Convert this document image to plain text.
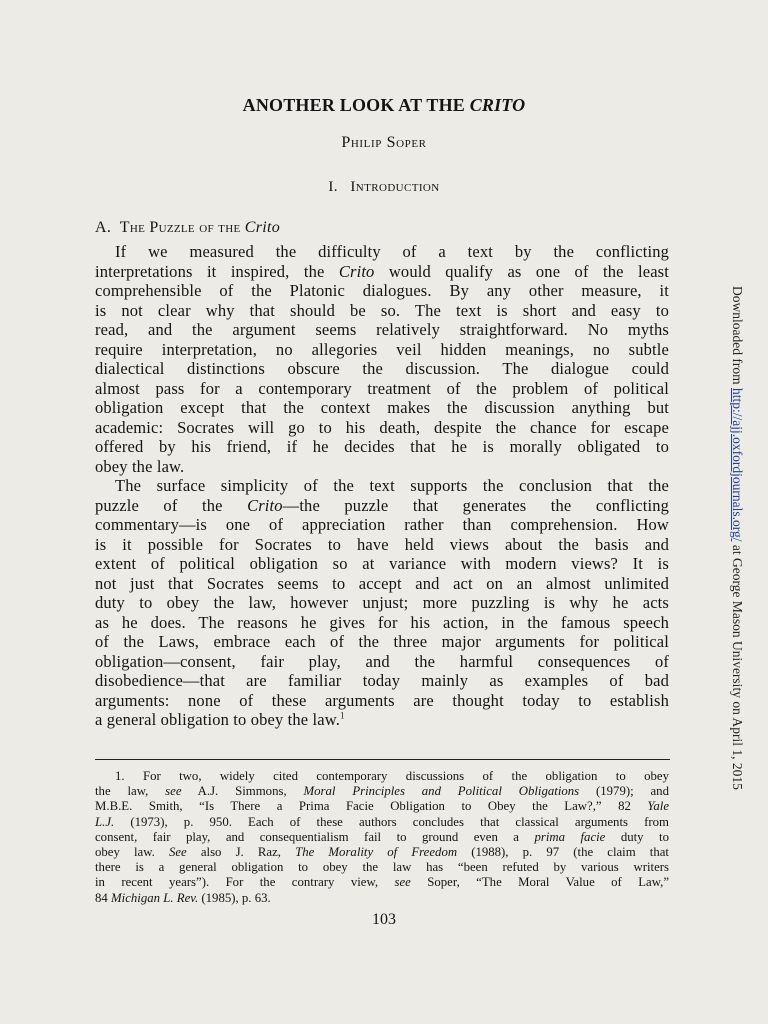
ANOTHER LOOK AT THE CRITO
Philip Soper
I. Introduction
A. The Puzzle of the Crito
If we measured the difficulty of a text by the conflicting
interpretations it inspired, the Crito would qualify as one of the least
comprehensible of the Platonic dialogues. By any other measure, it
is not clear why that should be so. The text is short and easy to
read, and the argument seems relatively straightforward. No myths
require interpretation, no allegories veil hidden meanings, no subtle
dialectical distinctions obscure the discussion. The dialogue could
almost pass for a contemporary treatment of the problem of political
obligation except that the context makes the discussion anything but
academic: Socrates will go to his death, despite the chance for escape
offered by his friend, if he decides that he is morally obligated to
obey the law.
The surface simplicity of the text supports the conclusion that the
puzzle of the Crito—the puzzle that generates the conflicting
commentary—is one of appreciation rather than comprehension. How
is it possible for Socrates to have held views about the basis and
extent of political obligation so at variance with modern views? It is
not just that Socrates seems to accept and act on an almost unlimited
duty to obey the law, however unjust; more puzzling is why he acts
as he does. The reasons he gives for his action, in the famous speech
of the Laws, embrace each of the three major arguments for political
obligation—consent, fair play, and the harmful consequences of
disobedience—that are familiar today mainly as examples of bad
arguments: none of these arguments are thought today to establish
a general obligation to obey the law.$^1$
1. For two, widely cited contemporary discussions of the obligation to obey
the law, see A.J. Simmons, Moral Principles and Political Obligations (1979); and
M.B.E. Smith, “Is There a Prima Facie Obligation to Obey the Law?,” 82 Yale
L.J. (1973), p. 950. Each of these authors concludes that classical arguments from
consent, fair play, and consequentialism fail to ground even a prima facie duty to
obey law. See also J. Raz, The Morality of Freedom (1988), p. 97 (the claim that
there is a general obligation to obey the law has “been refuted by various writers
in recent years”). For the contrary view, see Soper, “The Moral Value of Law,”
84 Michigan L. Rev. (1985), p. 63.
103
Downloaded from http://ajj.oxfordjournals.org/ at George Mason University on April 1, 2015
